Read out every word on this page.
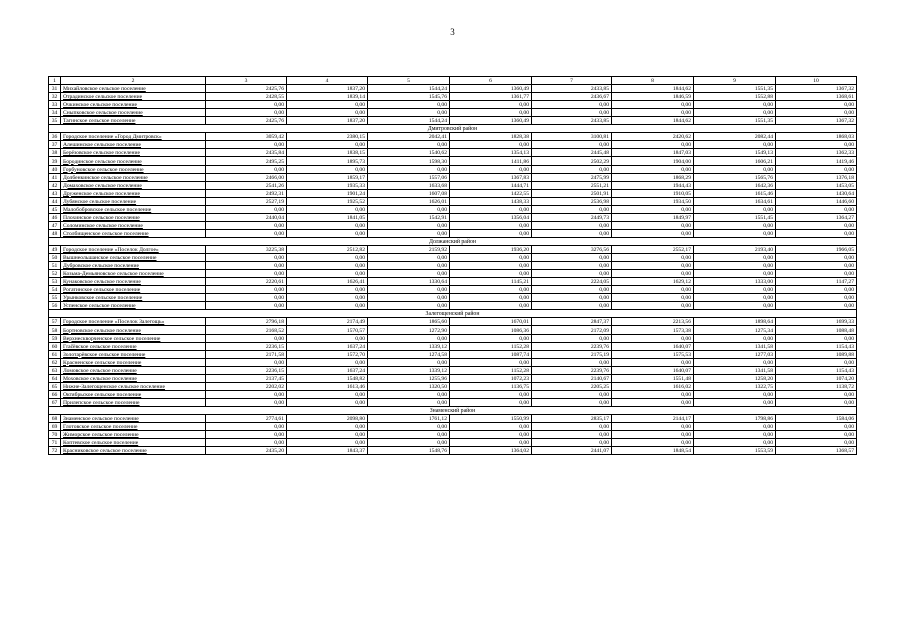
3
1	2	3	4	5	6	7	8	9	10
31	Михайловское сельское поселение	2425,76	1837,20	1544,24	1360,49	2433,85	1844,62	1551,35	1367,32
32	Отрадинское сельское поселение	2428,55	1839,14	1545,76	1361,77	2436,67	1846,59	1552,88	1368,61
33	Очкинское сельское поселение	0,00	0,00	0,00	0,00	0,00	0,00	0,00	0,00
34	Сныпковское сельское поселение	0,00	0,00	0,00	0,00	0,00	0,00	0,00	0,00
35	Тагинское сельское поселение	2425,76	1837,20	1544,24	1360,49	2433,85	1844,62	1551,35	1367,32
Дмитровский район									
36	Городское поселение «Город Дмитровск»	3059,42	2380,15	2042,41	1828,38	3100,81	2420,62	2082,44	1868,03
37	Алешинское сельское поселение	0,00	0,00	0,00	0,00	0,00	0,00	0,00	0,00
38	Берёзовское сельское поселение	2435,84	1838,15	1540,62	1354,13	2445,48	1847,03	1549,13	1362,33
39	Бородинское сельское поселение	2495,25	1895,73	1598,30	1411,86	2502,29	1904,00	1606,21	1419,46
40	Горбуновское сельское поселение	0,00	0,00	0,00	0,00	0,00	0,00	0,00	0,00
41	Долбенкинское сельское поселение	2466,00	1859,17	1557,06	1367,83	2475,99	1868,29	1565,76	1376,18
42	Домаховское сельское поселение	2541,26	1935,33	1633,68	1444,71	2551,21	1944,43	1642,36	1453,05
43	Друженское сельское поселение	2492,31	1901,24	1607,08	1422,55	2501,91	1910,05	1615,46	1430,64
44	Лубянское сельское поселение	2527,19	1925,52	1626,01	1438,33	2536,98	1934,50	1634,61	1446,60
45	Малобобровское сельское поселение	0,00	0,00	0,00	0,00	0,00	0,00	0,00	0,00
46	Плохинское сельское поселение	2440,04	1841,05	1542,91	1356,04	2449,73	1849,97	1551,45	1364,27
47	Соломинское сельское поселение	0,00	0,00	0,00	0,00	0,00	0,00	0,00	0,00
48	Столбищенское сельское поселение	0,00	0,00	0,00	0,00	0,00	0,00	0,00	0,00
Должанский район									
49	Городское поселение «Поселок Долгое»	3225,38	2512,82	2159,92	1936,20	3276,56	2552,17	2193,40	1966,05
50	Вышнеольшанское сельское поселение	0,00	0,00	0,00	0,00	0,00	0,00	0,00	0,00
51	Дубровское сельское поселение	0,00	0,00	0,00	0,00	0,00	0,00	0,00	0,00
52	Козьма-Демьяновское сельское поселение	0,00	0,00	0,00	0,00	0,00	0,00	0,00	0,00
53	Кунаковское сельское поселение	2220,61	1626,41	1330,64	1145,21	2224,05	1629,12	1333,00	1147,27
54	Рогатинское сельское поселение	0,00	0,00	0,00	0,00	0,00	0,00	0,00	0,00
55	Урынковское сельское поселение	0,00	0,00	0,00	0,00	0,00	0,00	0,00	0,00
56	Успенское сельское поселение	0,00	0,00	0,00	0,00	0,00	0,00	0,00	0,00
Залегощенский район									
57	Городское поселение «Поселок Залегощь»	2796,18	2174,49	1865,60	1670,01	2847,37	2213,56	1898,64	1699,33
58	Бортновское сельское поселение	2168,52	1570,57	1272,90	1086,36	2172,09	1573,38	1275,34	1088,48
59	Верхнескворченское сельское поселение	0,00	0,00	0,00	0,00	0,00	0,00	0,00	0,00
60	Гračёвское сельское поселение	2236,15	1637,24	1339,12	1152,28	2239,76	1640,07	1341,58	1154,43
61	Золотарёвское сельское поселение	2171,58	1572,70	1274,58	1087,74	2175,19	1575,53	1277,03	1089,88
62	Красненское сельское поселение	0,00	0,00	0,00	0,00	0,00	0,00	0,00	0,00
63	Ломовское сельское поселение	2236,15	1637,24	1339,12	1152,28	2239,76	1640,07	1341,58	1154,43
64	Моховское сельское поселение	2137,45	1548,82	1255,96	1072,23	2140,67	1551,48	1258,20	1074,20
65	Нижне-Залегощенское сельское поселение	2202,02	1613,46	1320,50	1136,75	2205,25	1616,02	1322,75	1138,72
66	Октябрьское сельское поселение	0,00	0,00	0,00	0,00	0,00	0,00	0,00	0,00
67	Прилепское сельское поселение	0,00	0,00	0,00	0,00	0,00	0,00	0,00	0,00
Знаменский район									
68	Знаменское сельское поселение	2774,61	2098,80	1761,12	1550,99	2835,17	2144,17	1798,86	1584,06
69	Глотовское сельское поселение	0,00	0,00	0,00	0,00	0,00	0,00	0,00	0,00
70	Жиморское сельское поселение	0,00	0,00	0,00	0,00	0,00	0,00	0,00	0,00
71	Коптевское сельское поселение	0,00	0,00	0,00	0,00	0,00	0,00	0,00	0,00
72	Красниковское сельское поселение	2435,20	1843,37	1548,76	1364,02	2441,07	1848,54	1553,59	1368,57
